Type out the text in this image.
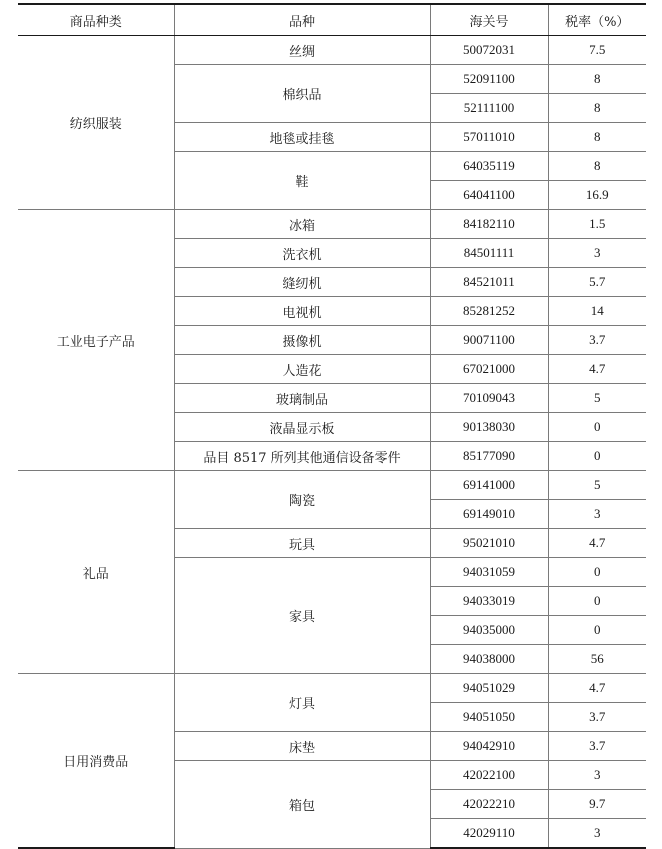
商品种类	品种	海关号	税率（%）
纺织服装	丝绸	50072031	7.5
	棉织品	52091100	8
		52111100	8
	地毯或挂毯	57011010	8
	鞋	64035119	8
		64041100	16.9
工业电子产品	冰箱	84182110	1.5
	洗衣机	84501111	3
	缝纫机	84521011	5.7
	电视机	85281252	14
	摄像机	90071100	3.7
	人造花	67021000	4.7
	玻璃制品	70109043	5
	液晶显示板	90138030	0
	品目 8517 所列其他通信设备零件	85177090	0
礼品	陶瓷	69141000	5
		69149010	3
	玩具	95021010	4.7
	家具	94031059	0
		94033019	0
		94035000	0
		94038000	56
日用消费品	灯具	94051029	4.7
		94051050	3.7
	床垫	94042910	3.7
	箱包	42022100	3
		42022210	9.7
		42029110	3
